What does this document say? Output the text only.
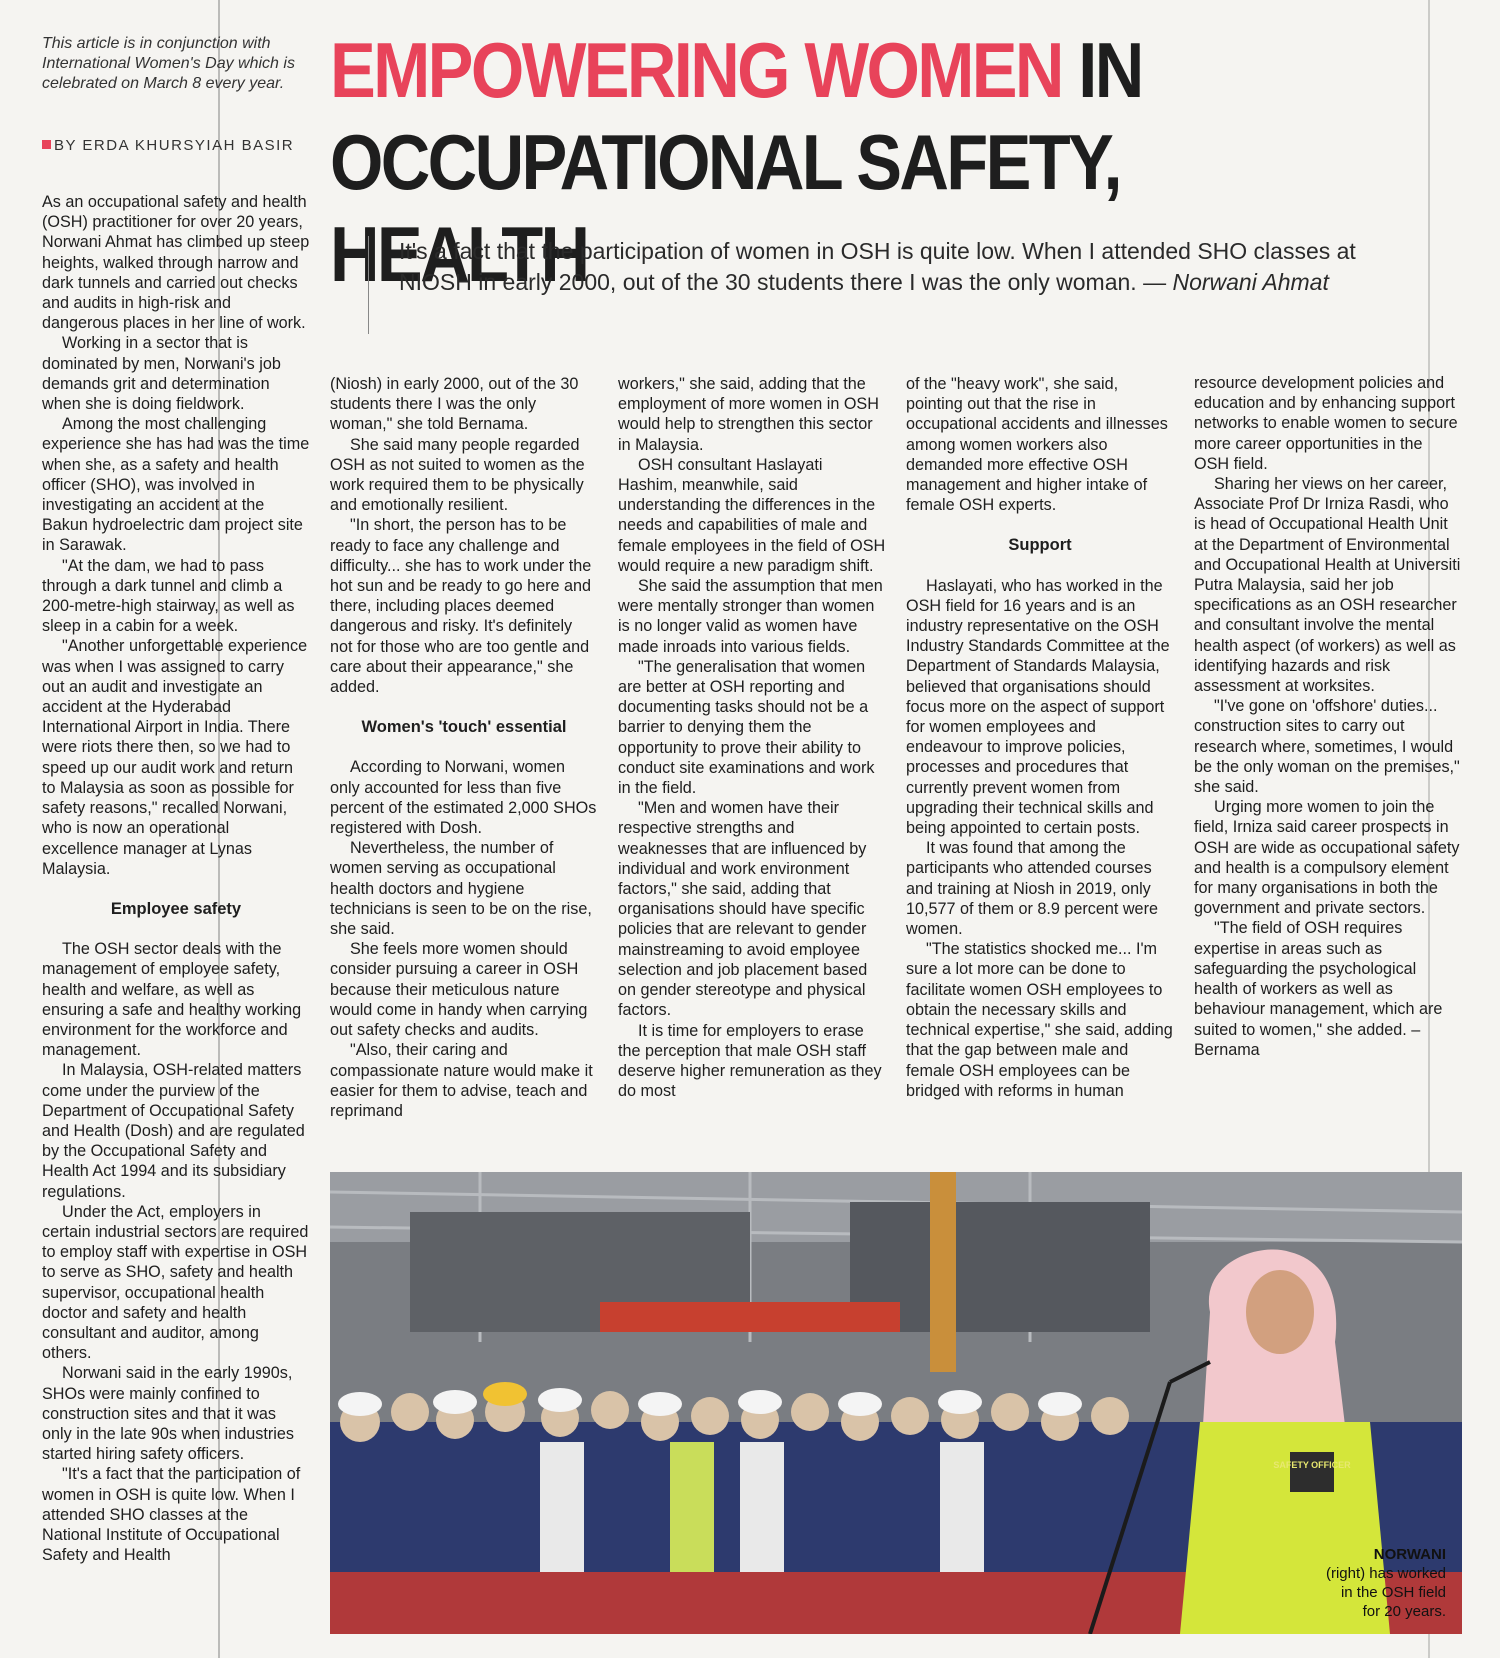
This article is in conjunction with International Women's Day which is celebrated on March 8 every year.
BY ERDA KHURSYIAH BASIR
EMPOWERING WOMEN IN
OCCUPATIONAL SAFETY, HEALTH
It's a fact that the participation of women in OSH is quite low. When I attended SHO classes at NIOSH in early 2000, out of the 30 students there I was the only woman. — Norwani Ahmat

As an occupational safety and health (OSH) practitioner for over 20 years, Norwani Ahmat has climbed up steep heights, walked through narrow and dark tunnels and carried out checks and audits in high-risk and dangerous places in her line of work.

Working in a sector that is dominated by men, Norwani's job demands grit and determination when she is doing fieldwork.

Among the most challenging experience she has had was the time when she, as a safety and health officer (SHO), was involved in investigating an accident at the Bakun hydroelectric dam project site in Sarawak.

"At the dam, we had to pass through a dark tunnel and climb a 200-metre-high stairway, as well as sleep in a cabin for a week.

"Another unforgettable experience was when I was assigned to carry out an audit and investigate an accident at the Hyderabad International Airport in India. There were riots there then, so we had to speed up our audit work and return to Malaysia as soon as possible for safety reasons," recalled Norwani, who is now an operational excellence manager at Lynas Malaysia.

Employee safety

The OSH sector deals with the management of employee safety, health and welfare, as well as ensuring a safe and healthy working environment for the workforce and management.

In Malaysia, OSH-related matters come under the purview of the Department of Occupational Safety and Health (Dosh) and are regulated by the Occupational Safety and Health Act 1994 and its subsidiary regulations.

Under the Act, employers in certain industrial sectors are required to employ staff with expertise in OSH to serve as SHO, safety and health supervisor, occupational health doctor and safety and health consultant and auditor, among others.

Norwani said in the early 1990s, SHOs were mainly confined to construction sites and that it was only in the late 90s when industries started hiring safety officers.

"It's a fact that the participation of women in OSH is quite low. When I attended SHO classes at the National Institute of Occupational Safety and Health

(Niosh) in early 2000, out of the 30 students there I was the only woman," she told Bernama.

She said many people regarded OSH as not suited to women as the work required them to be physically and emotionally resilient.

"In short, the person has to be ready to face any challenge and difficulty... she has to work under the hot sun and be ready to go here and there, including places deemed dangerous and risky. It's definitely not for those who are too gentle and care about their appearance," she added.

Women's 'touch' essential

According to Norwani, women only accounted for less than five percent of the estimated 2,000 SHOs registered with Dosh.

Nevertheless, the number of women serving as occupational health doctors and hygiene technicians is seen to be on the rise, she said.

She feels more women should consider pursuing a career in OSH because their meticulous nature would come in handy when carrying out safety checks and audits.

"Also, their caring and compassionate nature would make it easier for them to advise, teach and reprimand

workers," she said, adding that the employment of more women in OSH would help to strengthen this sector in Malaysia.

OSH consultant Haslayati Hashim, meanwhile, said understanding the differences in the needs and capabilities of male and female employees in the field of OSH would require a new paradigm shift.

She said the assumption that men were mentally stronger than women is no longer valid as women have made inroads into various fields.

"The generalisation that women are better at OSH reporting and documenting tasks should not be a barrier to denying them the opportunity to prove their ability to conduct site examinations and work in the field.

"Men and women have their respective strengths and weaknesses that are influenced by individual and work environment factors," she said, adding that organisations should have specific policies that are relevant to gender mainstreaming to avoid employee selection and job placement based on gender stereotype and physical factors.

It is time for employers to erase the perception that male OSH staff deserve higher remuneration as they do most

of the "heavy work", she said, pointing out that the rise in occupational accidents and illnesses among women workers also demanded more effective OSH management and higher intake of female OSH experts.

Support

Haslayati, who has worked in the OSH field for 16 years and is an industry representative on the OSH Industry Standards Committee at the Department of Standards Malaysia, believed that organisations should focus more on the aspect of support for women employees and endeavour to improve policies, processes and procedures that currently prevent women from upgrading their technical skills and being appointed to certain posts.

It was found that among the participants who attended courses and training at Niosh in 2019, only 10,577 of them or 8.9 percent were women.

"The statistics shocked me... I'm sure a lot more can be done to facilitate women OSH employees to obtain the necessary skills and technical expertise," she said, adding that the gap between male and female OSH employees can be bridged with reforms in human

resource development policies and education and by enhancing support networks to enable women to secure more career opportunities in the OSH field.

Sharing her views on her career, Associate Prof Dr Irniza Rasdi, who is head of Occupational Health Unit at the Department of Environmental and Occupational Health at Universiti Putra Malaysia, said her job specifications as an OSH researcher and consultant involve the mental health aspect (of workers) as well as identifying hazards and risk assessment at worksites.

"I've gone on 'offshore' duties... construction sites to carry out research where, sometimes, I would be the only woman on the premises," she said.

Urging more women to join the field, Irniza said career prospects in OSH are wide as occupational safety and health is a compulsory element for many organisations in both the government and private sectors.

"The field of OSH requires expertise in areas such as safeguarding the psychological health of workers as well as behaviour management, which are suited to women," she added. – Bernama

SAFETY OFFICER
NORWANI
(right) has worked
in the OSH field
for 20 years.
